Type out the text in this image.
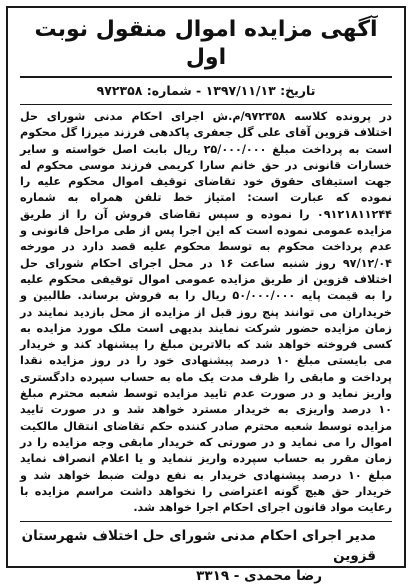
آگهی مزایده اموال منقول نوبت اول
تاریخ: ۱۳۹۷/۱۱/۱۳ - شماره: ۹۷۲۳۵۸
در پرونده کلاسه ۹۷۲۳۵۸/م.ش اجرای احکام مدنی شورای حل اختلاف قزوین آقای علی گل جعفری پاکدهی فرزند میرزا گل محکوم است به پرداخت مبلغ ۲۵/۰۰۰/۰۰۰ ریال بابت اصل خواسته و سایر خسارات قانونی در حق خانم سارا کریمی فرزند موسی محکوم له جهت استیفای حقوق خود تقاضای توقیف اموال محکوم علیه را نموده که عبارت است: امتیاز خط تلفن همراه به شماره ۰۹۱۲۱۸۱۱۲۴۴ را نموده و سپس تقاضای فروش آن را از طریق مزایده عمومی نموده است که این اجرا پس از طی مراحل قانونی و عدم پرداخت محکوم به توسط محکوم علیه قصد دارد در مورخه ۹۷/۱۲/۰۴ روز شنبه ساعت ۱۶ در محل اجرای احکام شورای حل اختلاف قزوین از طریق مزایده عمومی اموال توقیفی محکوم علیه را به قیمت پایه ۵۰/۰۰۰/۰۰۰ ریال را به فروش برساند. طالبین و خریداران می توانند پنج روز قبل از مزایده از محل بازدید نمایند در زمان مزایده حضور شرکت نمایند بدیهی است ملک مورد مزایده به کسی فروخته خواهد شد که بالاترین مبلغ را پیشنهاد کند و خریدار می بایستی مبلغ ۱۰ درصد پیشنهادی خود را در روز مزایده نقدا پرداخت و مابقی را ظرف مدت یک ماه به حساب سپرده دادگستری واریز نماید و در صورت عدم تایید مزایده توسط شعبه محترم مبلغ ۱۰ درصد واریزی به خریدار مسترد خواهد شد و در صورت تایید مزایده توسط شعبه محترم صادر کننده حکم تقاضای انتقال مالکیت اموال را می نماید و در صورتی که خریدار مابقی وجه مزایده را در زمان مقرر به حساب سپرده واریز ننماید و یا اعلام انصراف نماید مبلغ ۱۰ درصد پیشنهادی خریدار به نفع دولت ضبط خواهد شد و خریدار حق هیچ گونه اعتراضی را نخواهد داشت مراسم مزایده با رعایت مواد قانون اجرای احکام اجرا خواهد شد.
مدیر اجرای احکام مدنی شورای حل اختلاف شهرستان قزوین
رضا محمدی - ۳۳۱۹
